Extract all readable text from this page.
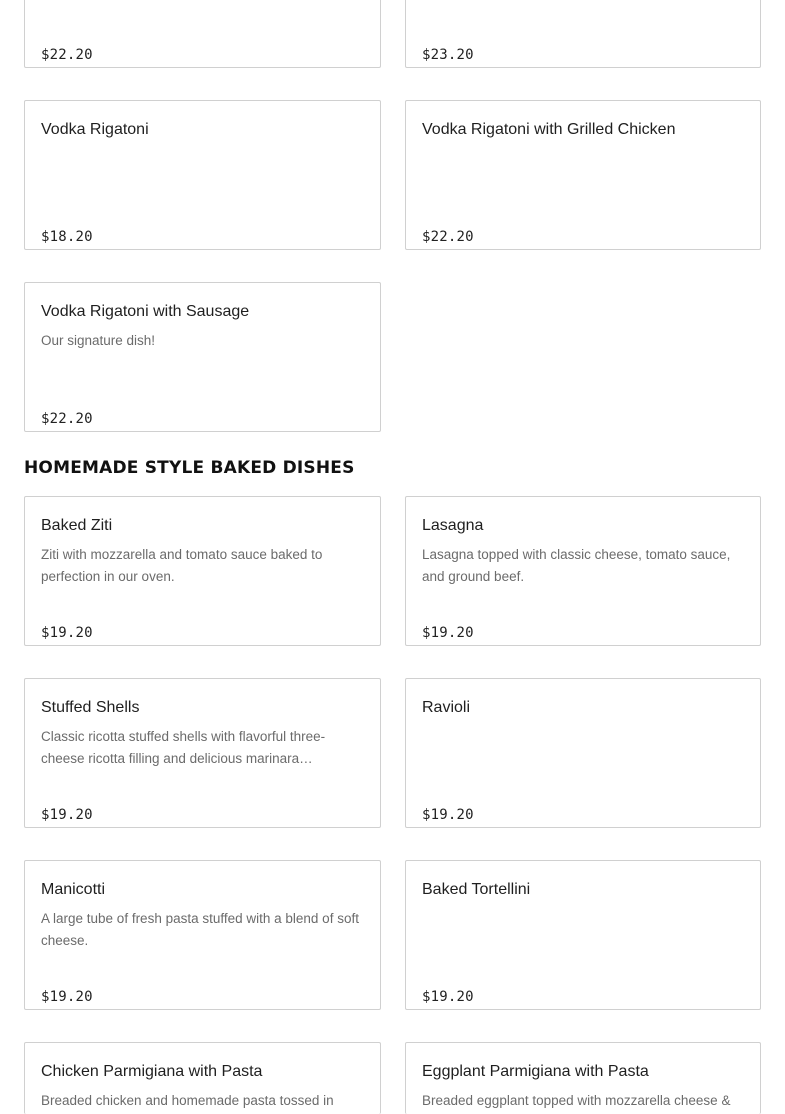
$22.20	$23.20
Vodka Rigatoni
$18.20
Vodka Rigatoni with Grilled Chicken
$22.20
Vodka Rigatoni with Sausage
Our signature dish!
$22.20
HOMEMADE STYLE BAKED DISHES
Baked Ziti
Ziti with mozzarella and tomato sauce baked to perfection in our oven.
$19.20
Lasagna
Lasagna topped with classic cheese, tomato sauce, and ground beef.
$19.20
Stuffed Shells
Classic ricotta stuffed shells with flavorful three-cheese ricotta filling and delicious marinara…
$19.20
Ravioli
$19.20
Manicotti
A large tube of fresh pasta stuffed with a blend of soft cheese.
$19.20
Baked Tortellini
$19.20
Chicken Parmigiana with Pasta
Breaded chicken and homemade pasta tossed in
Eggplant Parmigiana with Pasta
Breaded eggplant topped with mozzarella cheese &
